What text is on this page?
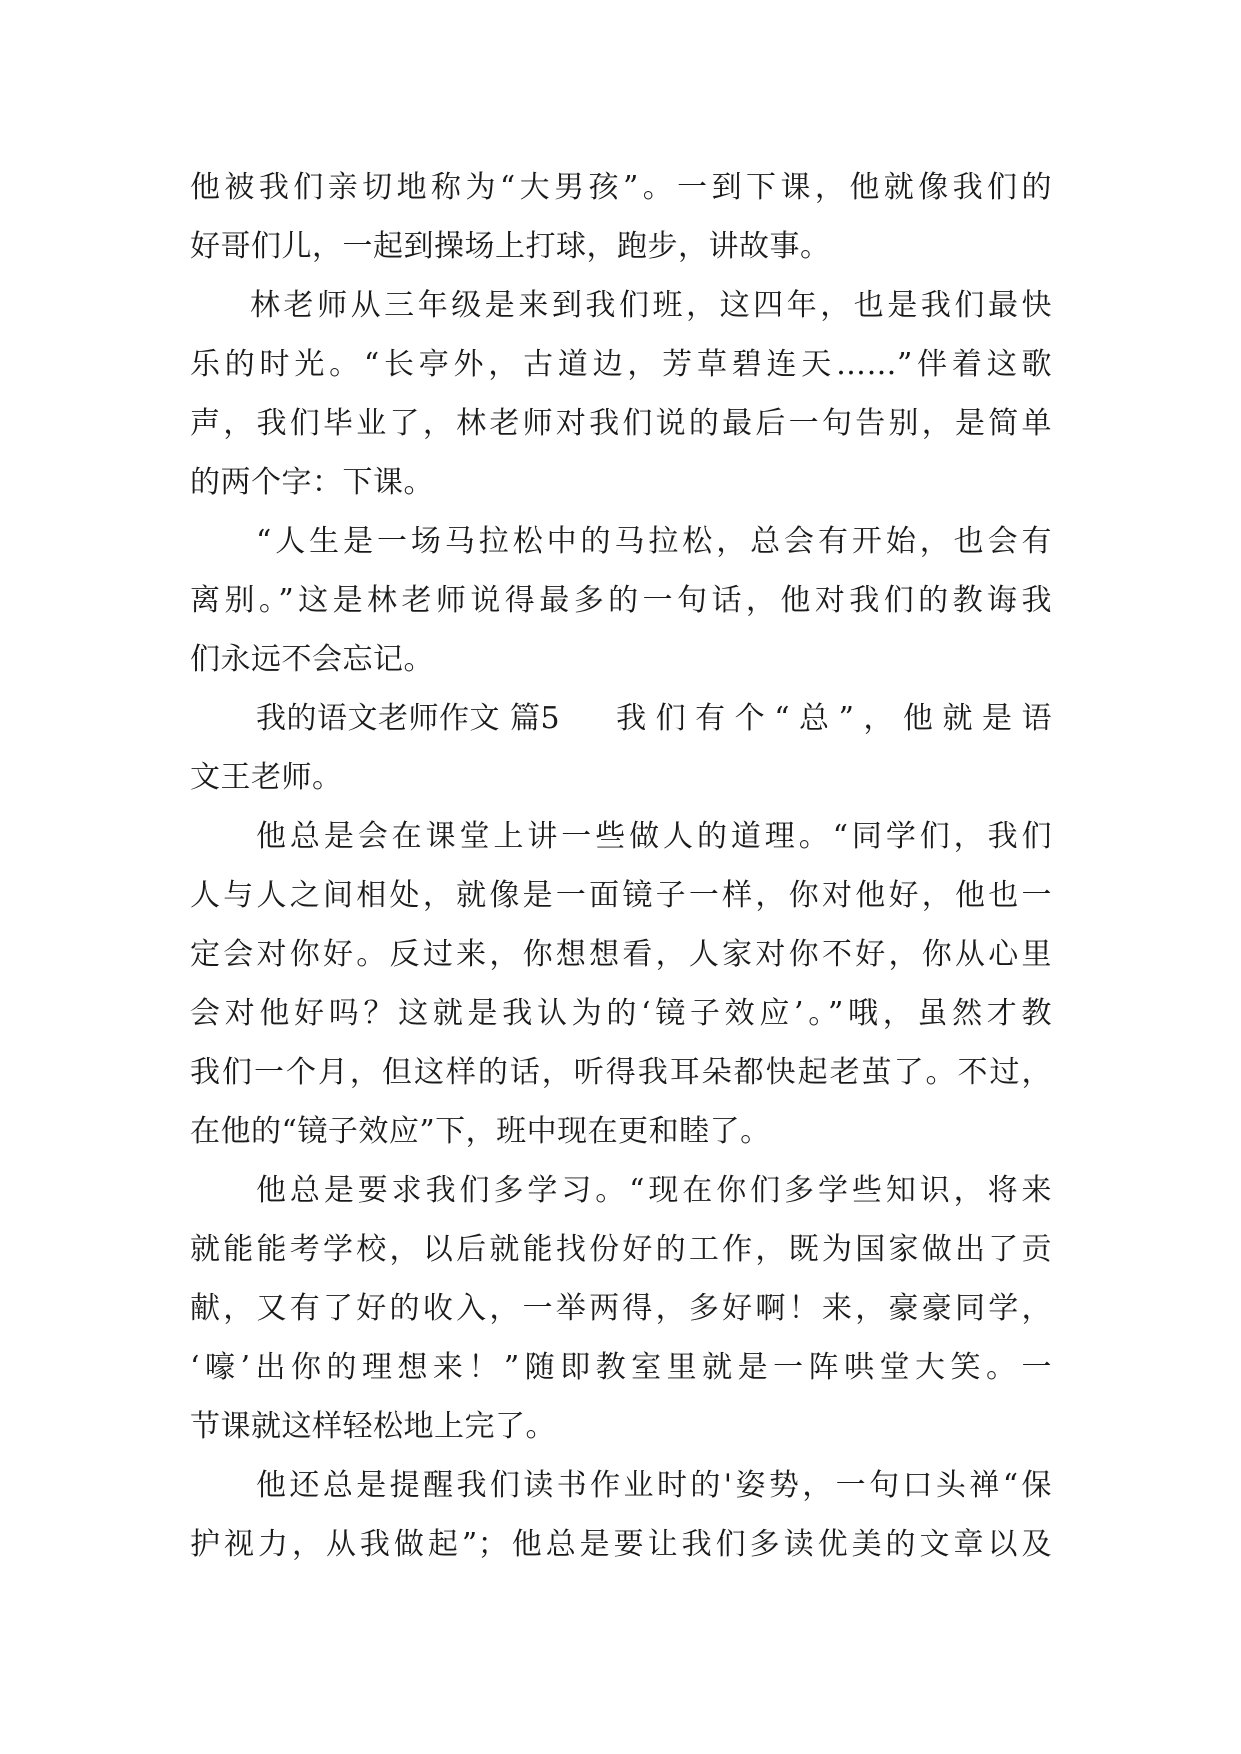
他被我们亲切地称为“大男孩”。一到下课，他就像我们的
好哥们儿，一起到操场上打球，跑步，讲故事。
林老师从三年级是来到我们班，这四年，也是我们最快
乐的时光。“长亭外，古道边，芳草碧连天……”伴着这歌
声，我们毕业了，林老师对我们说的最后一句告别，是简单
的两个字：下课。
“人生是一场马拉松中的马拉松，总会有开始，也会有
离别。”这是林老师说得最多的一句话，他对我们的教诲我
们永远不会忘记。
我的语文老师作文 篇5 我们有个“总”，他就是语
文王老师。
他总是会在课堂上讲一些做人的道理。“同学们，我们
人与人之间相处，就像是一面镜子一样，你对他好，他也一
定会对你好。反过来，你想想看，人家对你不好，你从心里
会对他好吗？这就是我认为的‘镜子效应’。”哦，虽然才教
我们一个月，但这样的话，听得我耳朵都快起老茧了。不过，
在他的“镜子效应”下，班中现在更和睦了。
他总是要求我们多学习。“现在你们多学些知识，将来
就能能考学校，以后就能找份好的工作，既为国家做出了贡
献，又有了好的收入，一举两得，多好啊！来，豪豪同学，
‘嚎’出你的理想来！”随即教室里就是一阵哄堂大笑。一
节课就这样轻松地上完了。
他还总是提醒我们读书作业时的'姿势，一句口头禅“保
护视力，从我做起”；他总是要让我们多读优美的文章以及
